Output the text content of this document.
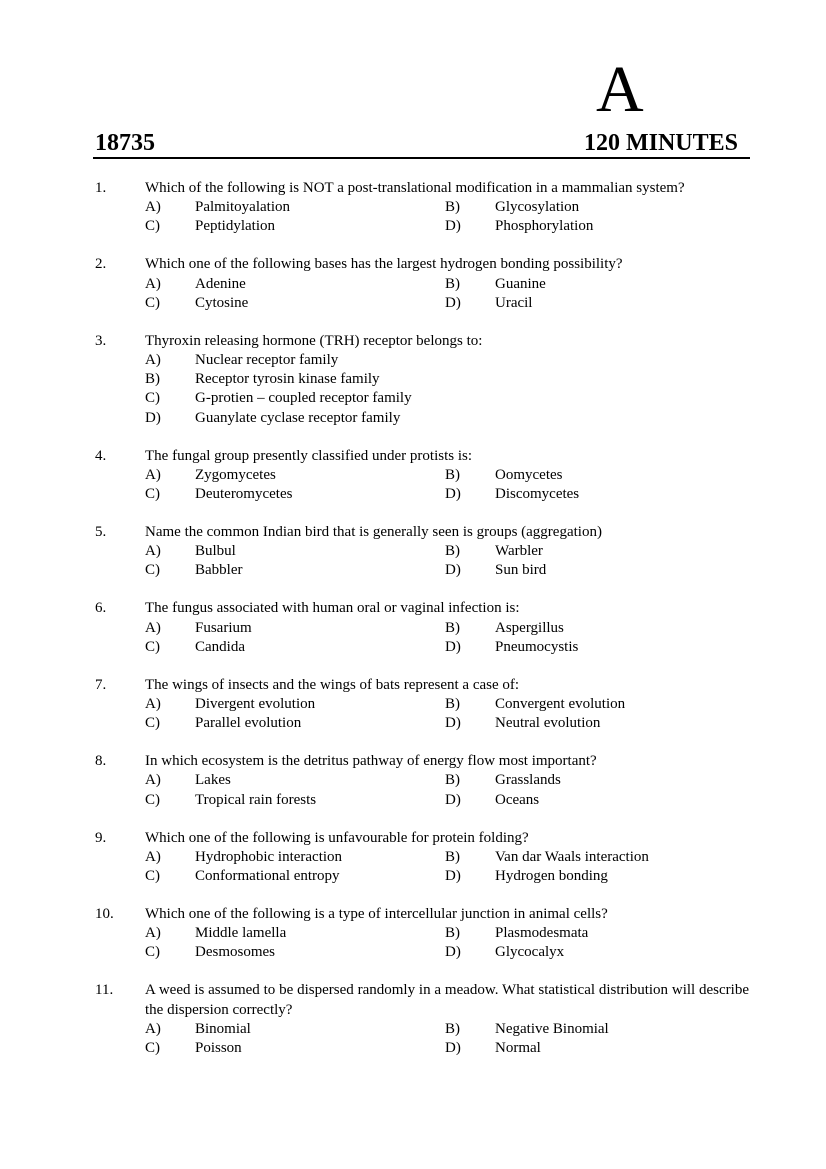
A
18735	120 MINUTES
1.	Which of the following is NOT a post-translational modification in a mammalian system?
A)	Palmitoyalation	B)	Glycosylation
C)	Peptidylation	D)	Phosphorylation
2.	Which one of the following bases has the largest hydrogen bonding possibility?
A)	Adenine	B)	Guanine
C)	Cytosine	D)	Uracil
3.	Thyroxin releasing hormone (TRH) receptor belongs to:
A)	Nuclear receptor family
B)	Receptor tyrosin kinase family
C)	G-protien – coupled receptor family
D)	Guanylate cyclase receptor family
4.	The fungal group presently classified under protists is:
A)	Zygomycetes	B)	Oomycetes
C)	Deuteromycetes	D)	Discomycetes
5.	Name the common Indian bird that is generally seen is groups (aggregation)
A)	Bulbul	B)	Warbler
C)	Babbler	D)	Sun bird
6.	The fungus associated with human oral or vaginal infection is:
A)	Fusarium	B)	Aspergillus
C)	Candida	D)	Pneumocystis
7.	The wings of insects and the wings of bats represent a case of:
A)	Divergent evolution	B)	Convergent evolution
C)	Parallel evolution	D)	Neutral evolution
8.	In which ecosystem is the detritus pathway of energy flow most important?
A)	Lakes	B)	Grasslands
C)	Tropical rain forests	D)	Oceans
9.	Which one of the following is unfavourable for protein folding?
A)	Hydrophobic interaction	B)	Van dar Waals interaction
C)	Conformational entropy	D)	Hydrogen bonding
10.	Which one of the following is a type of intercellular junction in animal cells?
A)	Middle lamella	B)	Plasmodesmata
C)	Desmosomes	D)	Glycocalyx
11.	A weed is assumed to be dispersed randomly in a meadow. What statistical distribution will describe the dispersion correctly?
A)	Binomial	B)	Negative Binomial
C)	Poisson	D)	Normal
